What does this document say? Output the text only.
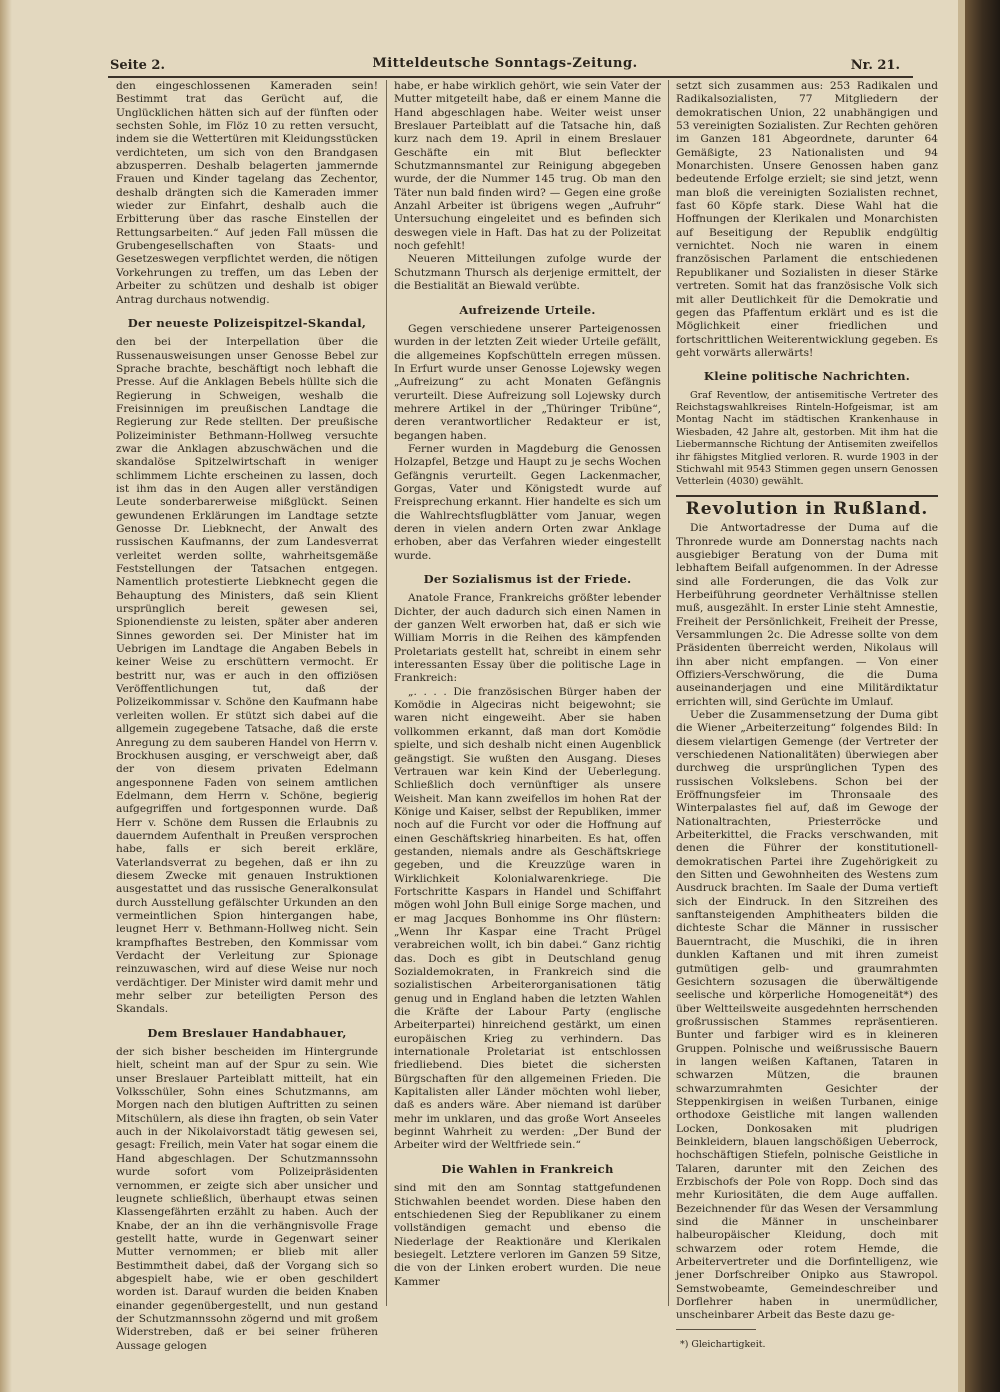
Seite 2.	Mitteldeutsche Sonntags-Zeitung.	Nr. 21.

den eingeschlossenen Kameraden sein! Bestimmt trat das Gerücht auf, die Unglücklichen hätten sich auf der fünften oder sechsten Sohle, im Flöz 10 zu retten versucht, indem sie die Wettertüren mit Kleidungsstücken verdichteten, um sich von den Brandgasen abzusperren. Deshalb belagerten jammernde Frauen und Kinder tagelang das Zechentor, deshalb drängten sich die Kameraden immer wieder zur Einfahrt, deshalb auch die Erbitterung über das rasche Einstellen der Rettungsarbeiten.“ Auf jeden Fall müssen die Grubengesellschaften von Staats- und Gesetzeswegen verpflichtet werden, die nötigen Vorkehrungen zu treffen, um das Leben der Arbeiter zu schützen und deshalb ist obiger Antrag durchaus notwendig.

Der neueste Polizeispitzel-Skandal,

den bei der Interpellation über die Russenausweisungen unser Genosse Bebel zur Sprache brachte, beschäftigt noch lebhaft die Presse. Auf die Anklagen Bebels hüllte sich die Regierung in Schweigen, weshalb die Freisinnigen im preußischen Landtage die Regierung zur Rede stellten. Der preußische Polizeiminister Bethmann-Hollweg versuchte zwar die Anklagen abzuschwächen und die skandalöse Spitzelwirtschaft in weniger schlimmem Lichte erscheinen zu lassen, doch ist ihm das in den Augen aller verständigen Leute sonderbarerweise mißglückt. Seinen gewundenen Erklärungen im Landtage setzte Genosse Dr. Liebknecht, der Anwalt des russischen Kaufmanns, der zum Landesverrat verleitet werden sollte, wahrheitsgemäße Feststellungen der Tatsachen entgegen. Namentlich protestierte Liebknecht gegen die Behauptung des Ministers, daß sein Klient ursprünglich bereit gewesen sei, Spionendienste zu leisten, später aber anderen Sinnes geworden sei. Der Minister hat im Uebrigen im Landtage die Angaben Bebels in keiner Weise zu erschüttern vermocht. Er bestritt nur, was er auch in den offiziösen Veröffentlichungen tut, daß der Polizeikommissar v. Schöne den Kaufmann habe verleiten wollen. Er stützt sich dabei auf die allgemein zugegebene Tatsache, daß die erste Anregung zu dem sauberen Handel von Herrn v. Brockhusen ausging, er verschweigt aber, daß der von diesem privaten Edelmann angesponnene Faden von seinem amtlichen Edelmann, dem Herrn v. Schöne, begierig aufgegriffen und fortgesponnen wurde. Daß Herr v. Schöne dem Russen die Erlaubnis zu dauerndem Aufenthalt in Preußen versprochen habe, falls er sich bereit erkläre, Vaterlandsverrat zu begehen, daß er ihn zu diesem Zwecke mit genauen Instruktionen ausgestattet und das russische Generalkonsulat durch Ausstellung gefälschter Urkunden an den vermeintlichen Spion hintergangen habe, leugnet Herr v. Bethmann-Hollweg nicht. Sein krampfhaftes Bestreben, den Kommissar vom Verdacht der Verleitung zur Spionage reinzuwaschen, wird auf diese Weise nur noch verdächtiger. Der Minister wird damit mehr und mehr selber zur beteiligten Person des Skandals.

Dem Breslauer Handabhauer,

der sich bisher bescheiden im Hintergrunde hielt, scheint man auf der Spur zu sein. Wie unser Breslauer Parteiblatt mitteilt, hat ein Volksschüler, Sohn eines Schutzmanns, am Morgen nach den blutigen Auftritten zu seinen Mitschülern, als diese ihn fragten, ob sein Vater auch in der Nikolaivorstadt tätig gewesen sei, gesagt: Freilich, mein Vater hat sogar einem die Hand abgeschlagen. Der Schutzmannssohn wurde sofort vom Polizeipräsidenten vernommen, er zeigte sich aber unsicher und leugnete schließlich, überhaupt etwas seinen Klassengefährten erzählt zu haben. Auch der Knabe, der an ihn die verhängnisvolle Frage gestellt hatte, wurde in Gegenwart seiner Mutter vernommen; er blieb mit aller Bestimmtheit dabei, daß der Vorgang sich so abgespielt habe, wie er oben geschildert worden ist. Darauf wurden die beiden Knaben einander gegenübergestellt, und nun gestand der Schutzmannssohn zögernd und mit großem Widerstreben, daß er bei seiner früheren Aussage gelogen

habe, er habe wirklich gehört, wie sein Vater der Mutter mitgeteilt habe, daß er einem Manne die Hand abgeschlagen habe. Weiter weist unser Breslauer Parteiblatt auf die Tatsache hin, daß kurz nach dem 19. April in einem Breslauer Geschäfte ein mit Blut befleckter Schutzmannsmantel zur Reinigung abgegeben wurde, der die Nummer 145 trug. Ob man den Täter nun bald finden wird? — Gegen eine große Anzahl Arbeiter ist übrigens wegen „Aufruhr“ Untersuchung eingeleitet und es befinden sich deswegen viele in Haft. Das hat zu der Polizeitat noch gefehlt!

Neueren Mitteilungen zufolge wurde der Schutzmann Thursch als derjenige ermittelt, der die Bestialität an Biewald verübte.

Aufreizende Urteile.

Gegen verschiedene unserer Parteigenossen wurden in der letzten Zeit wieder Urteile gefällt, die allgemeines Kopfschütteln erregen müssen. In Erfurt wurde unser Genosse Lojewsky wegen „Aufreizung“ zu acht Monaten Gefängnis verurteilt. Diese Aufreizung soll Lojewsky durch mehrere Artikel in der „Thüringer Tribüne“, deren verantwortlicher Redakteur er ist, begangen haben.

Ferner wurden in Magdeburg die Genossen Holzapfel, Betzge und Haupt zu je sechs Wochen Gefängnis verurteilt. Gegen Lackenmacher, Gorgas, Vater und Königstedt wurde auf Freisprechung erkannt. Hier handelte es sich um die Wahlrechtsflugblätter vom Januar, wegen deren in vielen andern Orten zwar Anklage erhoben, aber das Verfahren wieder eingestellt wurde.

Der Sozialismus ist der Friede.

Anatole France, Frankreichs größter lebender Dichter, der auch dadurch sich einen Namen in der ganzen Welt erworben hat, daß er sich wie William Morris in die Reihen des kämpfenden Proletariats gestellt hat, schreibt in einem sehr interessanten Essay über die politische Lage in Frankreich:

„. . . . Die französischen Bürger haben der Komödie in Algeciras nicht beigewohnt; sie waren nicht eingeweiht. Aber sie haben vollkommen erkannt, daß man dort Komödie spielte, und sich deshalb nicht einen Augenblick geängstigt. Sie wußten den Ausgang. Dieses Vertrauen war kein Kind der Ueberlegung. Schließlich doch vernünftiger als unsere Weisheit. Man kann zweifellos im hohen Rat der Könige und Kaiser, selbst der Republiken, immer noch auf die Furcht vor oder die Hoffnung auf einen Geschäftskrieg hinarbeiten. Es hat, offen gestanden, niemals andre als Geschäftskriege gegeben, und die Kreuzzüge waren in Wirklichkeit Kolonialwarenkriege. Die Fortschritte Kaspars in Handel und Schiffahrt mögen wohl John Bull einige Sorge machen, und er mag Jacques Bonhomme ins Ohr flüstern: „Wenn Ihr Kaspar eine Tracht Prügel verabreichen wollt, ich bin dabei.“ Ganz richtig das. Doch es gibt in Deutschland genug Sozialdemokraten, in Frankreich sind die sozialistischen Arbeiterorganisationen tätig genug und in England haben die letzten Wahlen die Kräfte der Labour Party (englische Arbeiterpartei) hinreichend gestärkt, um einen europäischen Krieg zu verhindern. Das internationale Proletariat ist entschlossen friedliebend. Dies bietet die sichersten Bürgschaften für den allgemeinen Frieden. Die Kapitalisten aller Länder möchten wohl lieber, daß es anders wäre. Aber niemand ist darüber mehr im unklaren, und das große Wort Anseeles beginnt Wahrheit zu werden: „Der Bund der Arbeiter wird der Weltfriede sein.“

Die Wahlen in Frankreich

sind mit den am Sonntag stattgefundenen Stichwahlen beendet worden. Diese haben den entschiedenen Sieg der Republikaner zu einem vollständigen gemacht und ebenso die Niederlage der Reaktionäre und Klerikalen besiegelt. Letztere verloren im Ganzen 59 Sitze, die von der Linken erobert wurden. Die neue Kammer

setzt sich zusammen aus: 253 Radikalen und Radikalsozialisten, 77 Mitgliedern der demokratischen Union, 22 unabhängigen und 53 vereinigten Sozialisten. Zur Rechten gehören im Ganzen 181 Abgeordnete, darunter 64 Gemäßigte, 23 Nationalisten und 94 Monarchisten. Unsere Genossen haben ganz bedeutende Erfolge erzielt; sie sind jetzt, wenn man bloß die vereinigten Sozialisten rechnet, fast 60 Köpfe stark. Diese Wahl hat die Hoffnungen der Klerikalen und Monarchisten auf Beseitigung der Republik endgültig vernichtet. Noch nie waren in einem französischen Parlament die entschiedenen Republikaner und Sozialisten in dieser Stärke vertreten. Somit hat das französische Volk sich mit aller Deutlichkeit für die Demokratie und gegen das Pfaffentum erklärt und es ist die Möglichkeit einer friedlichen und fortschrittlichen Weiterentwicklung gegeben. Es geht vorwärts allerwärts!

Kleine politische Nachrichten.

Graf Reventlow, der antisemitische Vertreter des Reichstagswahlkreises Rinteln-Hofgeismar, ist am Montag Nacht im städtischen Krankenhause in Wiesbaden, 42 Jahre alt, gestorben. Mit ihm hat die Liebermannsche Richtung der Antisemiten zweifellos ihr fähigstes Mitglied verloren. R. wurde 1903 in der Stichwahl mit 9543 Stimmen gegen unsern Genossen Vetterlein (4030) gewählt.

Revolution in Rußland.

Die Antwortadresse der Duma auf die Thronrede wurde am Donnerstag nachts nach ausgiebiger Beratung von der Duma mit lebhaftem Beifall aufgenommen. In der Adresse sind alle Forderungen, die das Volk zur Herbeiführung geordneter Verhältnisse stellen muß, ausgezählt. In erster Linie steht Amnestie, Freiheit der Persönlichkeit, Freiheit der Presse, Versammlungen 2c. Die Adresse sollte von dem Präsidenten überreicht werden, Nikolaus will ihn aber nicht empfangen. — Von einer Offiziers-Verschwörung, die die Duma auseinanderjagen und eine Militärdiktatur errichten will, sind Gerüchte im Umlauf.

Ueber die Zusammensetzung der Duma gibt die Wiener „Arbeiterzeitung“ folgendes Bild: In diesem vielartigen Gemenge (der Vertreter der verschiedenen Nationalitäten) überwiegen aber durchweg die ursprünglichen Typen des russischen Volkslebens. Schon bei der Eröffnungsfeier im Thronsaale des Winterpalastes fiel auf, daß im Gewoge der Nationaltrachten, Priesterröcke und Arbeiterkittel, die Fracks verschwanden, mit denen die Führer der konstitutionell-demokratischen Partei ihre Zugehörigkeit zu den Sitten und Gewohnheiten des Westens zum Ausdruck brachten. Im Saale der Duma vertieft sich der Eindruck. In den Sitzreihen des sanftansteigenden Amphitheaters bilden die dichteste Schar die Männer in russischer Bauerntracht, die Muschiki, die in ihren dunklen Kaftanen und mit ihren zumeist gutmütigen gelb- und graumrahmten Gesichtern sozusagen die überwältigende seelische und körperliche Homogeneität*) des über Weltteilsweite ausgedehnten herrschenden großrussischen Stammes repräsentieren. Bunter und farbiger wird es in kleineren Gruppen. Polnische und weißrussische Bauern in langen weißen Kaftanen, Tataren in schwarzen Mützen, die braunen schwarzumrahmten Gesichter der Steppenkirgisen in weißen Turbanen, einige orthodoxe Geistliche mit langen wallenden Locken, Donkosaken mit pludrigen Beinkleidern, blauen langschößigen Ueberrock, hochschäftigen Stiefeln, polnische Geistliche in Talaren, darunter mit den Zeichen des Erzbischofs der Pole von Ropp. Doch sind das mehr Kuriositäten, die dem Auge auffallen. Bezeichnender für das Wesen der Versammlung sind die Männer in unscheinbarer halbeuropäischer Kleidung, doch mit schwarzem oder rotem Hemde, die Arbeitervertreter und die Dorfintelligenz, wie jener Dorfschreiber Onipko aus Stawropol. Semstwobeamte, Gemeindeschreiber und Dorflehrer haben in unermüdlicher, unscheinbarer Arbeit das Beste dazu ge-

*) Gleichartigkeit.
